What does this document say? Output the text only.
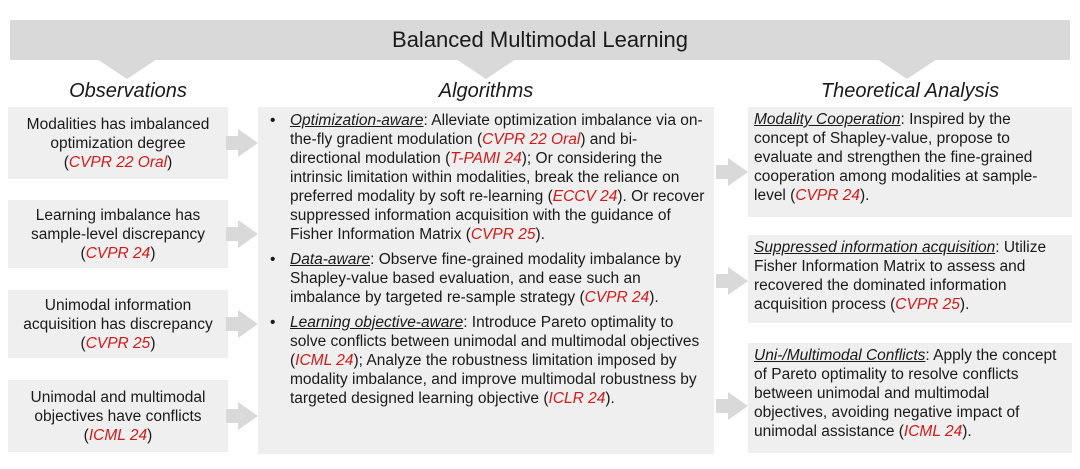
Balanced Multimodal Learning
Observations	Algorithms	Theoretical Analysis
Modalities has imbalanced optimization degree
(CVPR 22 Oral)
Learning imbalance has sample-level discrepancy
(CVPR 24)
Unimodal information acquisition has discrepancy
(CVPR 25)
Unimodal and multimodal objectives have conflicts
(ICML 24)
• Optimization-aware: Alleviate optimization imbalance via on-the-fly gradient modulation (CVPR 22 Oral) and bi-directional modulation (T-PAMI 24); Or considering the intrinsic limitation within modalities, break the reliance on preferred modality by soft re-learning (ECCV 24). Or recover suppressed information acquisition with the guidance of Fisher Information Matrix (CVPR 25).
• Data-aware: Observe fine-grained modality imbalance by Shapley-value based evaluation, and ease such an imbalance by targeted re-sample strategy (CVPR 24).
• Learning objective-aware: Introduce Pareto optimality to solve conflicts between unimodal and multimodal objectives (ICML 24); Analyze the robustness limitation imposed by modality imbalance, and improve multimodal robustness by targeted designed learning objective (ICLR 24).
Modality Cooperation: Inspired by the concept of Shapley-value, propose to evaluate and strengthen the fine-grained cooperation among modalities at sample-level (CVPR 24).
Suppressed information acquisition: Utilize Fisher Information Matrix to assess and recovered the dominated information acquisition process (CVPR 25).
Uni-/Multimodal Conflicts: Apply the concept of Pareto optimality to resolve conflicts between unimodal and multimodal objectives, avoiding negative impact of unimodal assistance (ICML 24).
